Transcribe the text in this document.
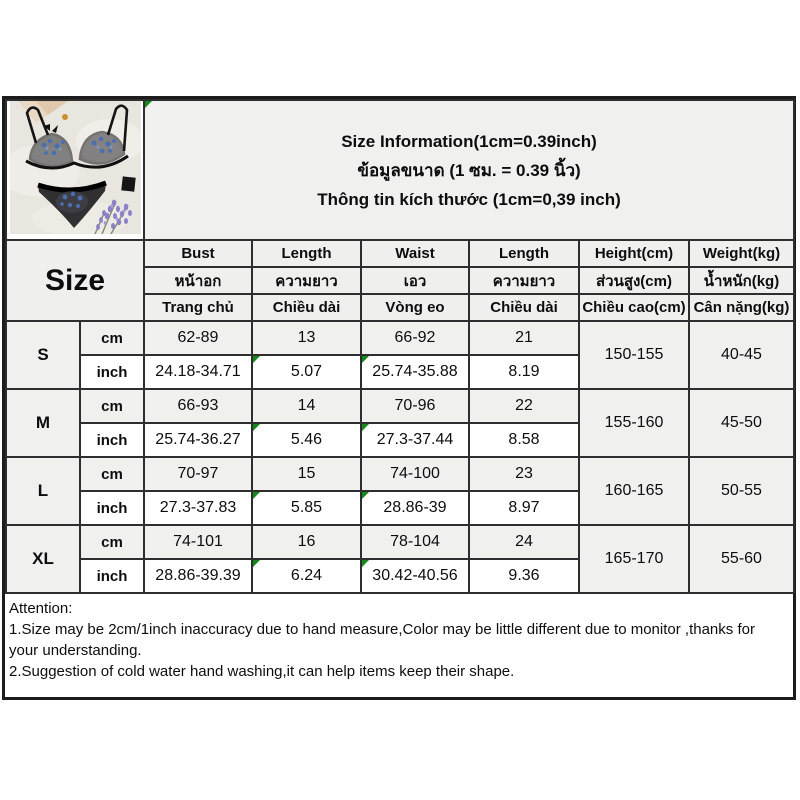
Size Information(1cm=0.39inch)
ข้อมูลขนาด (1 ซม. = 0.39 นิ้ว)
Thông tin kích thước (1cm=0,39 inch)					

Size		Bust	Length	Waist	Length	Height(cm)	Weight(kg)
		หน้าอก	ความยาว	เอว	ความยาว	ส่วนสูง(cm)	น้ำหนัก(kg)
		Trang chủ	Chiều dài	Vòng eo	Chiều dài	Chiều cao(cm)	Cân nặng(kg)
S	cm	62-89	13	66-92	21	150-155	40-45
	inch	24.18-34.71	5.07	25.74-35.88	8.19		
M	cm	66-93	14	70-96	22	155-160	45-50
	inch	25.74-36.27	5.46	27.3-37.44	8.58		
L	cm	70-97	15	74-100	23	160-165	50-55
	inch	27.3-37.83	5.85	28.86-39	8.97		
XL	cm	74-101	16	78-104	24	165-170	55-60
	inch	28.86-39.39	6.24	30.42-40.56	9.36		
Attention:
1.Size may be 2cm/1inch inaccuracy due to hand measure,Color may be little different due to monitor ,thanks for your understanding.
2.Suggestion of cold water hand washing,it can help items keep their shape.
